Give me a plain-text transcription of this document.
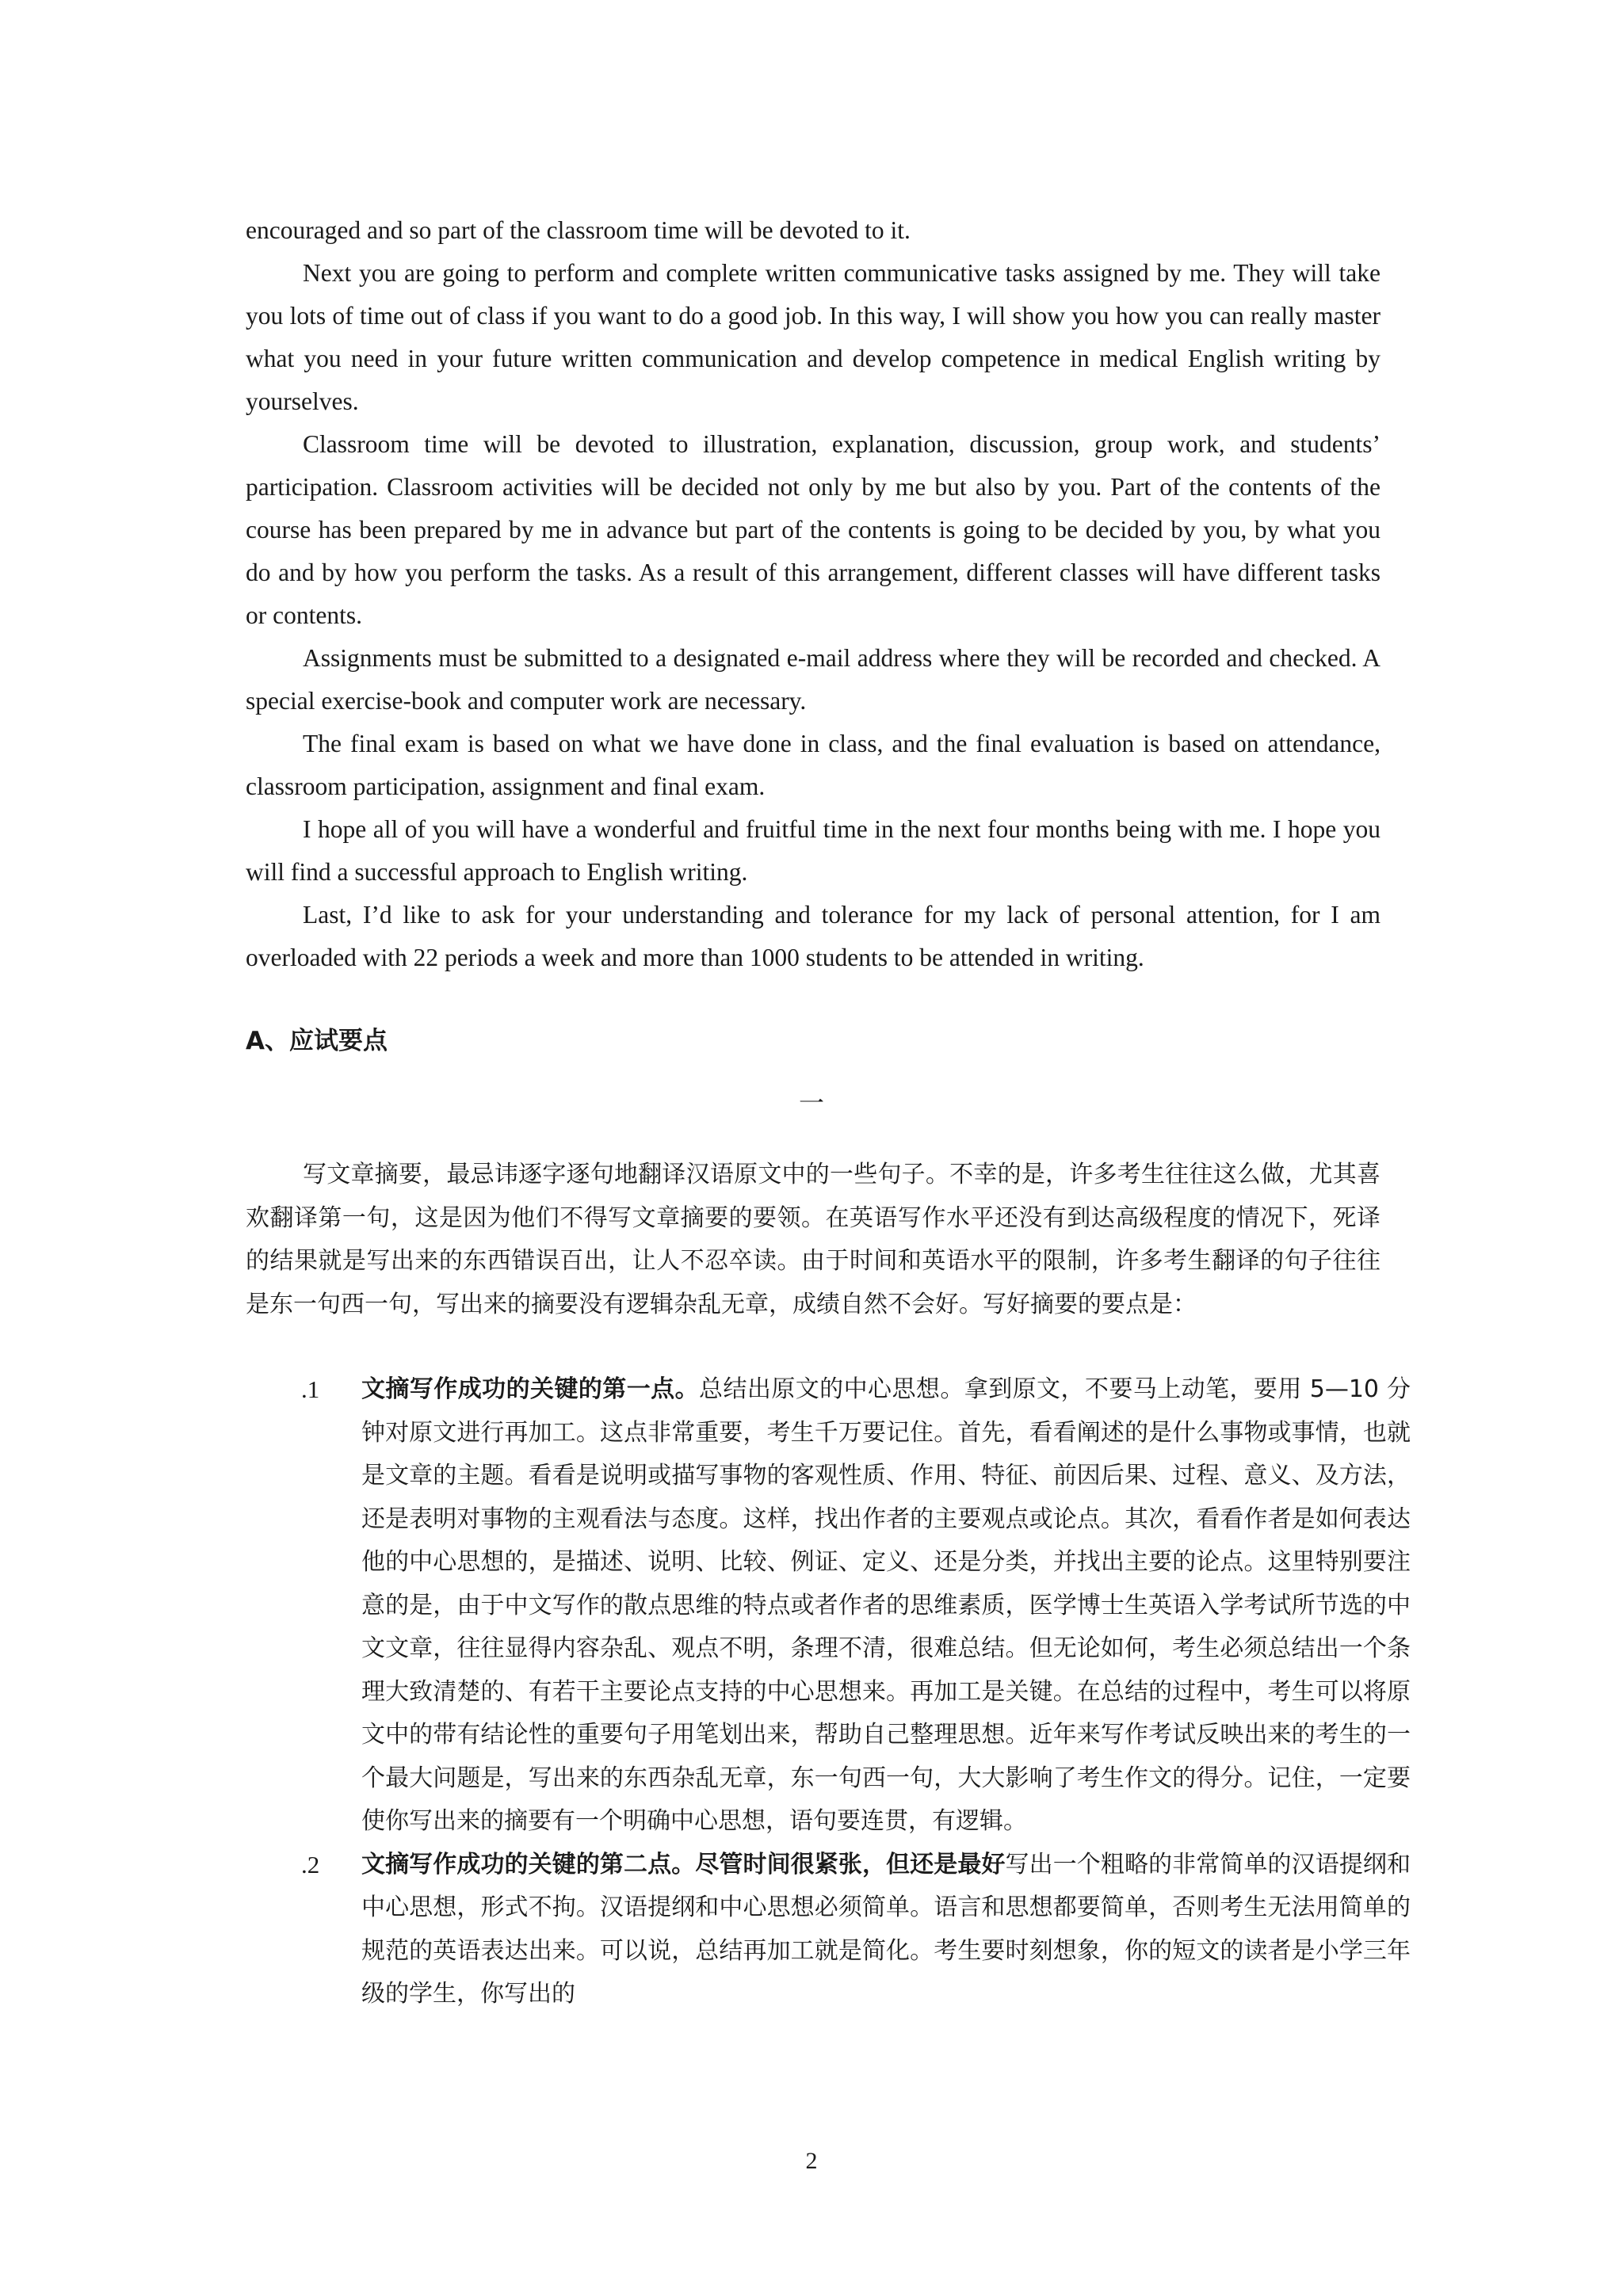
encouraged and so part of the classroom time will be devoted to it.

Next you are going to perform and complete written communicative tasks assigned by me. They will take you lots of time out of class if you want to do a good job. In this way, I will show you how you can really master what you need in your future written communication and develop competence in medical English writing by yourselves.

Classroom time will be devoted to illustration, explanation, discussion, group work, and students’ participation. Classroom activities will be decided not only by me but also by you. Part of the contents of the course has been prepared by me in advance but part of the contents is going to be decided by you, by what you do and by how you perform the tasks. As a result of this arrangement, different classes will have different tasks or contents.

Assignments must be submitted to a designated e-mail address where they will be recorded and checked. A special exercise-book and computer work are necessary.

The final exam is based on what we have done in class, and the final evaluation is based on attendance, classroom participation, assignment and final exam.

I hope all of you will have a wonderful and fruitful time in the next four months being with me. I hope you will find a successful approach to English writing.

Last, I’d like to ask for your understanding and tolerance for my lack of personal attention, for I am overloaded with 22 periods a week and more than 1000 students to be attended in writing.

A、应试要点
一

写文章摘要，最忌讳逐字逐句地翻译汉语原文中的一些句子。不幸的是，许多考生往往这么做，尤其喜欢翻译第一句，这是因为他们不得写文章摘要的要领。在英语写作水平还没有到达高级程度的情况下，死译的结果就是写出来的东西错误百出，让人不忍卒读。由于时间和英语水平的限制，许多考生翻译的句子往往是东一句西一句，写出来的摘要没有逻辑杂乱无章，成绩自然不会好。写好摘要的要点是：

.1 文摘写作成功的关键的第一点。总结出原文的中心思想。拿到原文，不要马上动笔，要用 5—10 分钟对原文进行再加工。这点非常重要，考生千万要记住。首先，看看阐述的是什么事物或事情，也就是文章的主题。看看是说明或描写事物的客观性质、作用、特征、前因后果、过程、意义、及方法，还是表明对事物的主观看法与态度。这样，找出作者的主要观点或论点。其次，看看作者是如何表达他的中心思想的，是描述、说明、比较、例证、定义、还是分类，并找出主要的论点。这里特别要注意的是，由于中文写作的散点思维的特点或者作者的思维素质，医学博士生英语入学考试所节选的中文文章，往往显得内容杂乱、观点不明，条理不清，很难总结。但无论如何，考生必须总结出一个条理大致清楚的、有若干主要论点支持的中心思想来。再加工是关键。在总结的过程中，考生可以将原文中的带有结论性的重要句子用笔划出来，帮助自己整理思想。近年来写作考试反映出来的考生的一个最大问题是，写出来的东西杂乱无章，东一句西一句，大大影响了考生作文的得分。记住，一定要使你写出来的摘要有一个明确中心思想，语句要连贯，有逻辑。
.2 文摘写作成功的关键的第二点。尽管时间很紧张，但还是最好写出一个粗略的非常简单的汉语提纲和中心思想，形式不拘。汉语提纲和中心思想必须简单。语言和思想都要简单，否则考生无法用简单的规范的英语表达出来。可以说，总结再加工就是简化。考生要时刻想象，你的短文的读者是小学三年级的学生，你写出的
2
